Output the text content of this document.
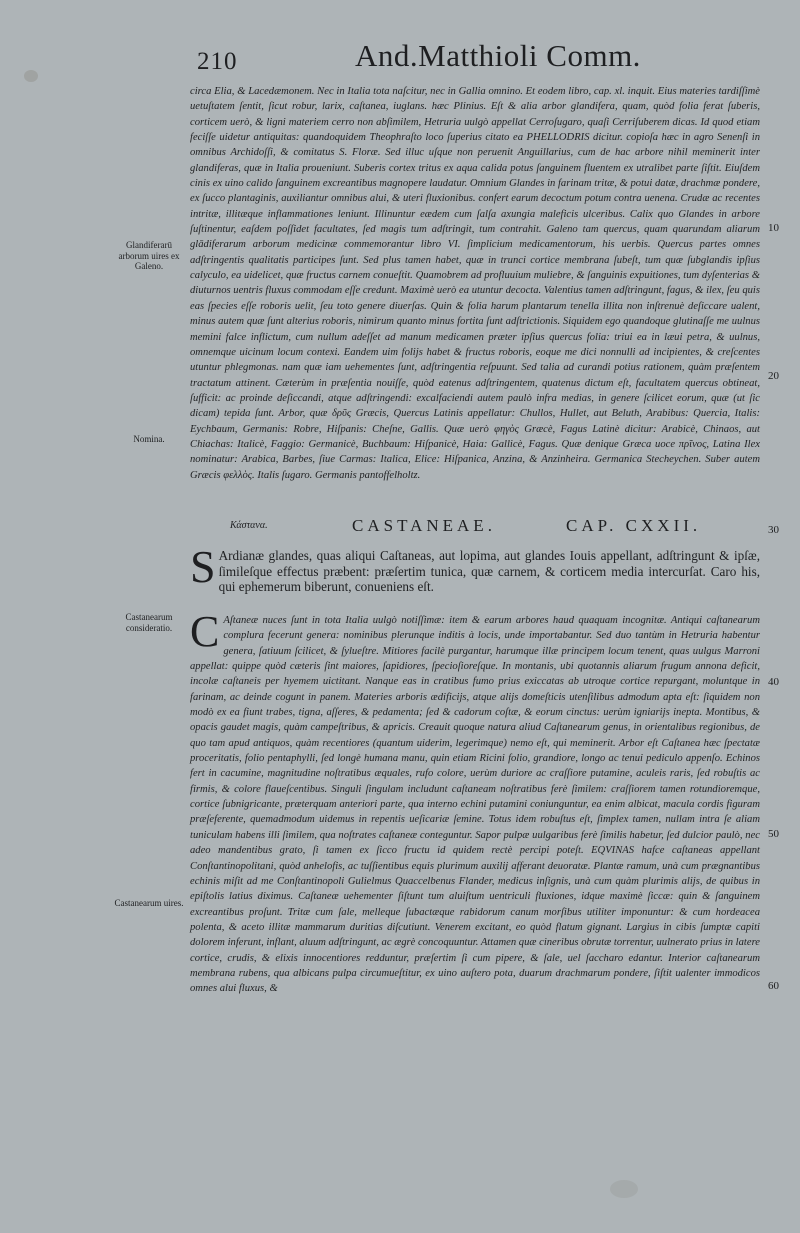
210	And.Matthioli Comm.

circa Elia, & Lacedæmonem. Nec in Italia tota naſcitur, nec in Gallia omnino. Et eodem libro, cap. xl. inquit. Eius materies tardiſſimè uetuſtatem ſentit, ſicut robur, larix, caſtanea, iuglans. hæc Plinius. Eſt & alia arbor glandifera, quam, quòd folia ferat ſuberis, corticem uerò, & ligni materiem cerro non abſimilem, Hetruria uulgò appellat Cerroſugaro, quaſi Cerriſuberem dicas. Id quod etiam feciſſe uidetur antiquitas: quandoquidem Theophraſto loco ſuperius citato ea PHELLODRIS dicitur. copioſa hæc in agro Senenſi in omnibus Archidoſſi, & comitatus S. Floræ. Sed illuc uſque non peruenit Anguillarius, cum de hac arbore nihil meminerit inter glandiferas, quæ in Italia proueniunt. Suberis cortex tritus ex aqua calida potus ſanguinem fluentem ex utralibet parte ſiſtit. Eiuſdem cinis ex uino calido ſanguinem excreantibus magnopere laudatur. Omnium Glandes in farinam tritæ, & potui datæ, drachmæ pondere, ex ſucco plantaginis, auxiliantur omnibus alui, & uteri fluxionibus. confert earum decoctum potum contra uenena. Crudæ ac recentes intritæ, illitæque inflammationes leniunt. Illinuntur eædem cum ſalſa axungia maleficis ulceribus. Calix quo Glandes in arbore ſuſtinentur, eaſdem poſſidet facultates, ſed magis tum adſtringit, tum contrahit. Galeno tam quercus, quam quarundam aliarum glādiferarum arborum medicinæ commemorantur libro VI. ſimplicium medicamentorum, his uerbis. Quercus partes omnes adſtringentis qualitatis participes ſunt. Sed plus tamen habet, quæ in trunci cortice membrana ſubeſt, tum quæ ſubglandis ipſius calyculo, ea uidelicet, quæ fructus carnem conueſtit. Quamobrem ad profluuium muliebre, & ſanguinis expuitiones, tum dyſenterias & diuturnos uentris fluxus commodam eſſe credunt. Maximè uerò ea utuntur decocta. Valentius tamen adſtringunt, fagus, & ilex, ſeu quis eas ſpecies eſſe roboris uelit, ſeu toto genere diuerſas. Quin & folia harum plantarum tenella illita non inſtrenuè deſiccare ualent, minus autem quæ ſunt alterius roboris, nimirum quanto minus fortita ſunt adſtrictionis. Siquidem ego quandoque glutinaſſe me uulnus memini falce inflictum, cum nullum adeſſet ad manum medicamen præter ipſius quercus folia: triui ea in læui petra, & uulnus, omnemque uicinum locum contexi. Eandem uim folijs habet & fructus roboris, eoque me dici nonnulli ad incipientes, & creſcentes utuntur phlegmonas. nam quæ iam uehementes ſunt, adſtringentia reſpuunt. Sed talia ad curandi potius rationem, quàm præſentem tractatum attinent. Cæterùm in præſentia nouiſſe, quòd eatenus adſtringentem, quatenus dictum eſt, facultatem quercus obtineat, ſufficit: ac proinde deſiccandi, atque adſtringendi: excalfaciendi autem paulò infra medias, in genere ſcilicet eorum, quæ (ut ſic dicam) tepida ſunt. Arbor, quæ δρῦς Græcis, Quercus Latinis appellatur: Chullos, Hullet, aut Beluth, Arabibus: Quercia, Italis: Eychbaum, Germanis: Robre, Hiſpanis: Cheſne, Gallis. Quæ uerò φηγὸς Græcè, Fagus Latinè dicitur: Arabicè, Chinaos, aut Chiachas: Italicè, Faggio: Germanicè, Buchbaum: Hiſpanicè, Haia: Gallicè, Fagus. Quæ denique Græca uoce πρῖνος, Latina Ilex nominatur: Arabica, Barbes, ſiue Carmas: Italica, Elice: Hiſpanica, Anzina, & Anzinheira. Germanica Stecheychen. Suber autem Græcis φελλὸς. Italis ſugaro. Germanis pantoffelholtz.

Glandiferarū arborum uires ex Galeno.
Nomina.
Castanearum consideratio.
Castanearum uires.
10
20
30
40
50
60
Κάστανα.	CASTANEAE.	CAP. CXXII.

S Ardianæ glandes, quas aliqui Caſtaneas, aut lopima, aut glandes Iouis appellant, adſtringunt & ipſæ, ſimileſque effectus præbent: præſertim tunica, quæ carnem, & corticem media intercurſat. Caro his, qui ephemerum biberunt, conueniens eſt.

C Aſtaneæ nuces ſunt in tota Italia uulgò notiſſimæ: item & earum arbores haud quaquam incognitæ. Antiqui caſtanearum complura fecerunt genera: nominibus plerunque inditis à locis, unde importabantur. Sed duo tantùm in Hetruria habentur genera, ſatiuum ſcilicet, & ſylueſtre. Mitiores facilè purgantur, harumque illæ principem locum tenent, quas uulgus Marroni appellat: quippe quòd cæteris ſint maiores, ſapidiores, ſpecioſioreſque. In montanis, ubi quotannis aliarum frugum annona deficit, incolæ caſtaneis per hyemem uictitant. Nanque eas in cratibus fumo prius exiccatas ab utroque cortice repurgant, moluntque in farinam, ac deinde cogunt in panem. Materies arboris ædificijs, atque alijs domeſticis utenſilibus admodum apta eſt: ſiquidem non modò ex ea fiunt trabes, tigna, aſſeres, & pedamenta; ſed & cadorum coſtæ, & eorum cinctus: uerùm igniarijs inepta. Montibus, & opacis gaudet magis, quàm campeſtribus, & apricis. Creauit quoque natura aliud Caſtanearum genus, in orientalibus regionibus, de quo tam apud antiquos, quàm recentiores (quantum uiderim, legerimque) nemo eſt, qui meminerit. Arbor eſt Caſtanea hæc ſpectatæ proceritatis, folio pentaphylli, ſed longè humana manu, quin etiam Ricini folio, grandiore, longo ac tenui pediculo appenſo. Echinos fert in cacumine, magnitudine noſtratibus æquales, rufo colore, uerùm duriore ac craſſiore putamine, aculeis raris, ſed robuſtis ac firmis, & colore flaueſcentibus. Singuli ſingulam includunt caſtaneam noſtratibus ferè ſimilem: craſſiorem tamen rotundioremque, cortice ſubnigricante, præterquam anteriori parte, qua interno echini putamini coniunguntur, ea enim albicat, macula cordis figuram præſeferente, quemadmodum uidemus in repentis ueſicariæ ſemine. Totus idem robuſtus eſt, ſimplex tamen, nullam intra ſe aliam tuniculam habens illi ſimilem, qua noſtrates caſtaneæ conteguntur. Sapor pulpæ uulgaribus ferè ſimilis habetur, ſed dulcior paulò, nec adeo mandentibus grato, ſi tamen ex ſicco fructu id quidem rectè percipi poteſt. EQVINAS hafce caſtaneas appellant Conſtantinopolitani, quòd anhelofis, ac tuſſientibus equis plurimum auxilij afferant deuoratæ. Plantæ ramum, unà cum prægnantibus echinis miſit ad me Conſtantinopoli Gulielmus Quaccelbenus Flander, medicus inſignis, unà cum quàm plurimis alijs, de quibus in epiſtolis latius diximus. Caſtaneæ uehementer ſiſtunt tum aluiſtum uentriculi fluxiones, idque maximè ſiccæ: quin & ſanguinem excreantibus proſunt. Tritæ cum ſale, melleque ſubactæque rabidorum canum morſibus utiliter imponuntur: & cum hordeacea polenta, & aceto illitæ mammarum duritias diſcutiunt. Venerem excitant, eo quòd flatum gignant. Largius in cibis ſumptæ capiti dolorem inferunt, inflant, aluum adſtringunt, ac ægrè concoquuntur. Attamen quæ cineribus obrutæ torrentur, uulnerato prius in latere cortice, crudis, & elixis innocentiores redduntur, præſertim ſi cum pipere, & ſale, uel ſaccharo edantur. Interior caſtanearum membrana rubens, qua albicans pulpa circumueſtitur, ex uino auſtero pota, duarum drachmarum pondere, ſiſtit ualenter immodicos omnes alui fluxus, &
